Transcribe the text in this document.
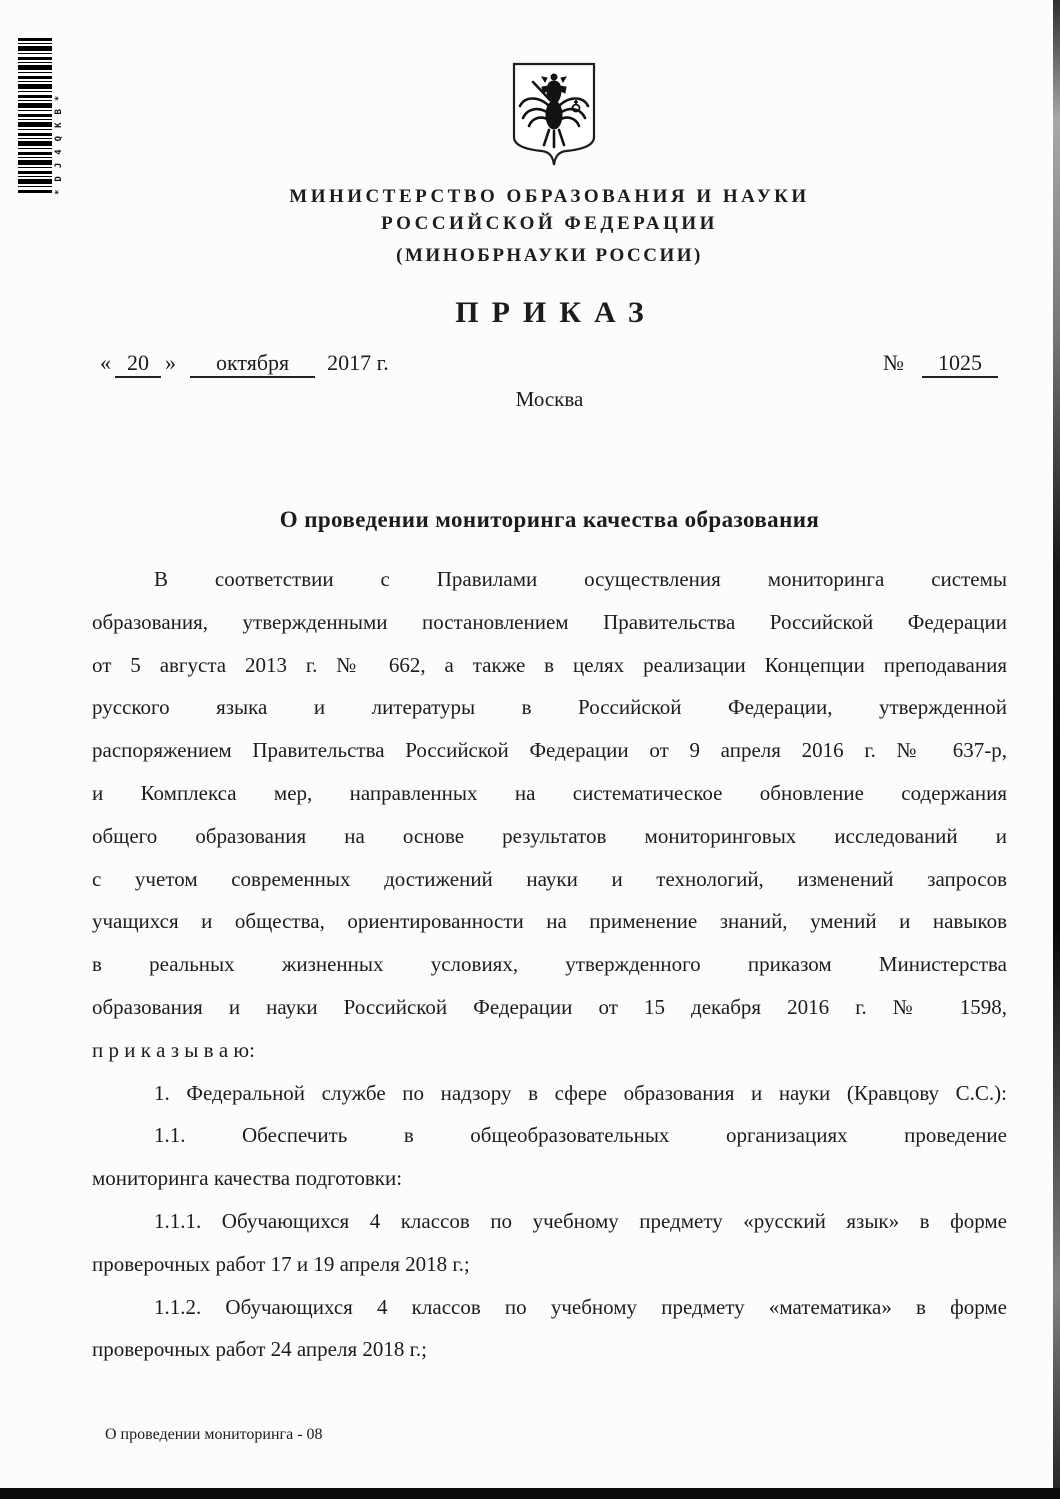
*DJ4QKB*
МИНИСТЕРСТВО ОБРАЗОВАНИЯ И НАУКИ
РОССИЙСКОЙ ФЕДЕРАЦИИ
(МИНОБРНАУКИ РОССИИ)
ПРИКАЗ
« 20 »	октября	2017 г.	№	1025
Москва
О проведении мониторинга качества образования
В соответствии с Правилами осуществления мониторинга системы
образования, утвержденными постановлением Правительства Российской Федерации
от 5 августа 2013 г. № 662, а также в целях реализации Концепции преподавания
русского языка и литературы в Российской Федерации, утвержденной
распоряжением Правительства Российской Федерации от 9 апреля 2016 г. № 637-р,
и Комплекса мер, направленных на систематическое обновление содержания
общего образования на основе результатов мониторинговых исследований и
с учетом современных достижений науки и технологий, изменений запросов
учащихся и общества, ориентированности на применение знаний, умений и навыков
в реальных жизненных условиях, утвержденного приказом Министерства
образования и науки Российской Федерации от 15 декабря 2016 г. № 1598,
п р и к а з ы в а ю:
1. Федеральной службе по надзору в сфере образования и науки (Кравцову С.С.):
1.1. Обеспечить в общеобразовательных организациях проведение
мониторинга качества подготовки:
1.1.1. Обучающихся 4 классов по учебному предмету «русский язык» в форме
проверочных работ 17 и 19 апреля 2018 г.;
1.1.2. Обучающихся 4 классов по учебному предмету «математика» в форме
проверочных работ 24 апреля 2018 г.;
О проведении мониторинга - 08
